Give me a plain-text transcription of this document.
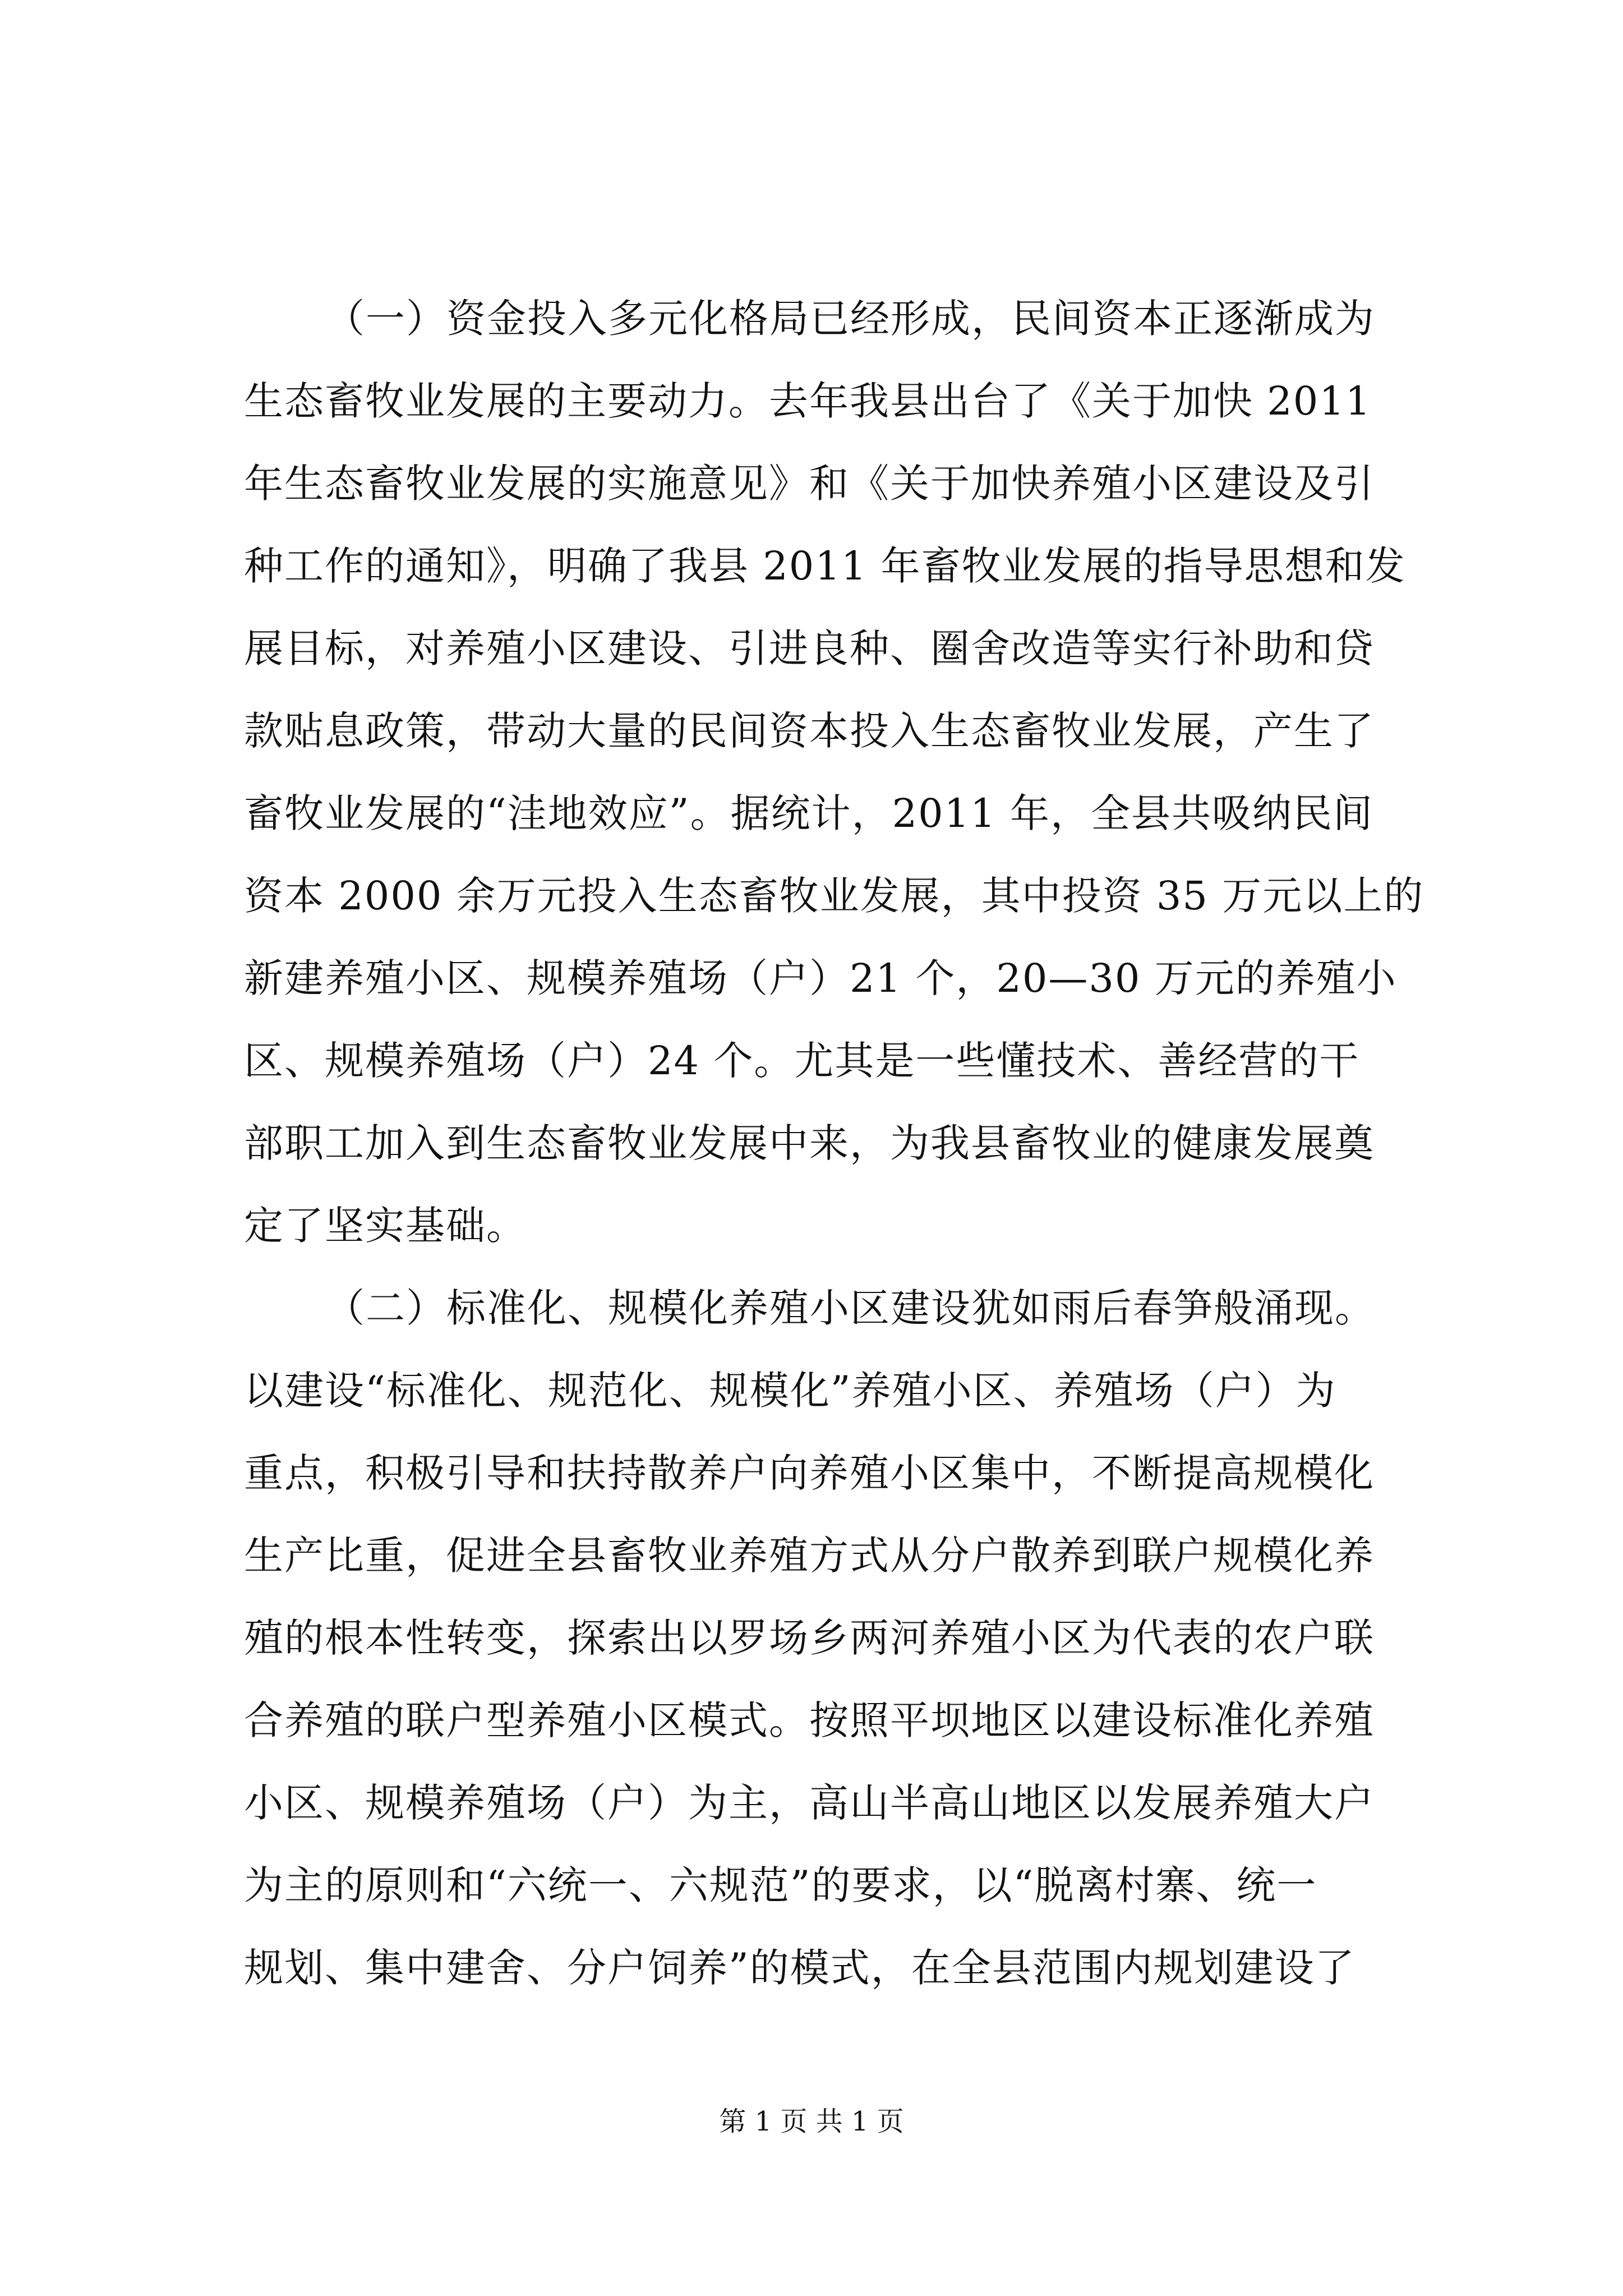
（一）资金投入多元化格局已经形成，民间资本正逐渐成为
生态畜牧业发展的主要动力。去年我县出台了《关于加快 2011
年生态畜牧业发展的实施意见》和《关于加快养殖小区建设及引
种工作的通知》，明确了我县 2011 年畜牧业发展的指导思想和发
展目标，对养殖小区建设、引进良种、圈舍改造等实行补助和贷
款贴息政策，带动大量的民间资本投入生态畜牧业发展，产生了
畜牧业发展的“洼地效应”。据统计，2011 年，全县共吸纳民间
资本 2000 余万元投入生态畜牧业发展，其中投资 35 万元以上的
新建养殖小区、规模养殖场（户）21 个，20—30 万元的养殖小
区、规模养殖场（户）24 个。尤其是一些懂技术、善经营的干
部职工加入到生态畜牧业发展中来，为我县畜牧业的健康发展奠
定了坚实基础。
（二）标准化、规模化养殖小区建设犹如雨后春笋般涌现。
以建设“标准化、规范化、规模化”养殖小区、养殖场（户）为
重点，积极引导和扶持散养户向养殖小区集中，不断提高规模化
生产比重，促进全县畜牧业养殖方式从分户散养到联户规模化养
殖的根本性转变，探索出以罗场乡两河养殖小区为代表的农户联
合养殖的联户型养殖小区模式。按照平坝地区以建设标准化养殖
小区、规模养殖场（户）为主，高山半高山地区以发展养殖大户
为主的原则和“六统一、六规范”的要求，以“脱离村寨、统一
规划、集中建舍、分户饲养”的模式，在全县范围内规划建设了
第 1 页 共 1 页
